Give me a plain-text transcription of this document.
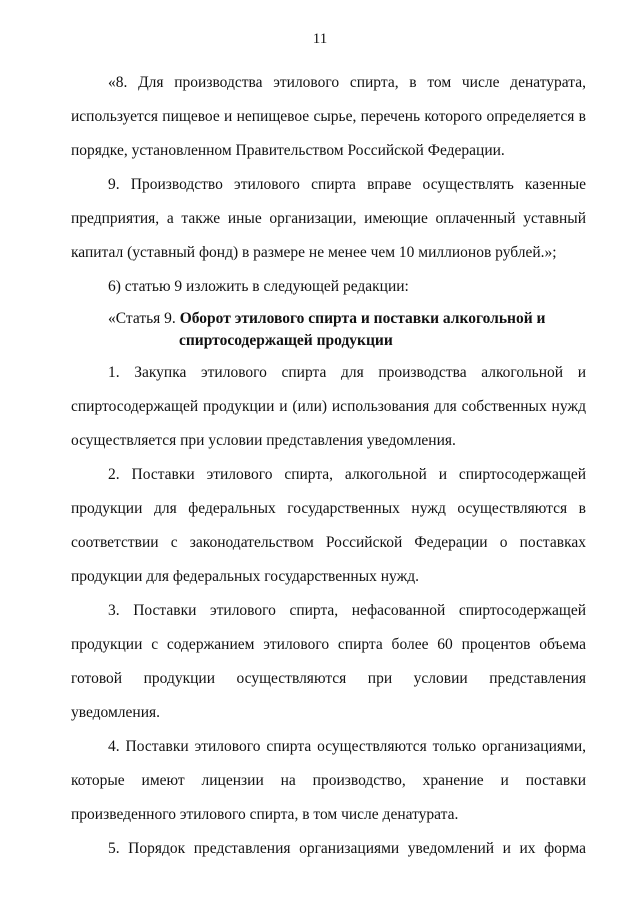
11

«8. Для производства этилового спирта, в том числе денатурата, используется пищевое и непищевое сырье, перечень которого определяется в порядке, установленном Правительством Российской Федерации.

9. Производство этилового спирта вправе осуществлять казенные предприятия, а также иные организации, имеющие оплаченный уставный капитал (уставный фонд) в размере не менее чем 10 миллионов рублей.»;

6) статью 9 изложить в следующей редакции:

«Статья 9. Оборот этилового спирта и поставки алкогольной и
спиртосодержащей продукции

1. Закупка этилового спирта для производства алкогольной и спиртосодержащей продукции и (или) использования для собственных нужд осуществляется при условии представления уведомления.

2. Поставки этилового спирта, алкогольной и спиртосодержащей продукции для федеральных государственных нужд осуществляются в соответствии с законодательством Российской Федерации о поставках продукции для федеральных государственных нужд.

3. Поставки этилового спирта, нефасованной спиртосодержащей продукции с содержанием этилового спирта более 60 процентов объема готовой продукции осуществляются при условии представления уведомления.

4. Поставки этилового спирта осуществляются только организациями, которые имеют лицензии на производство, хранение и поставки произведенного этилового спирта, в том числе денатурата.

5. Порядок представления организациями уведомлений и их форма
